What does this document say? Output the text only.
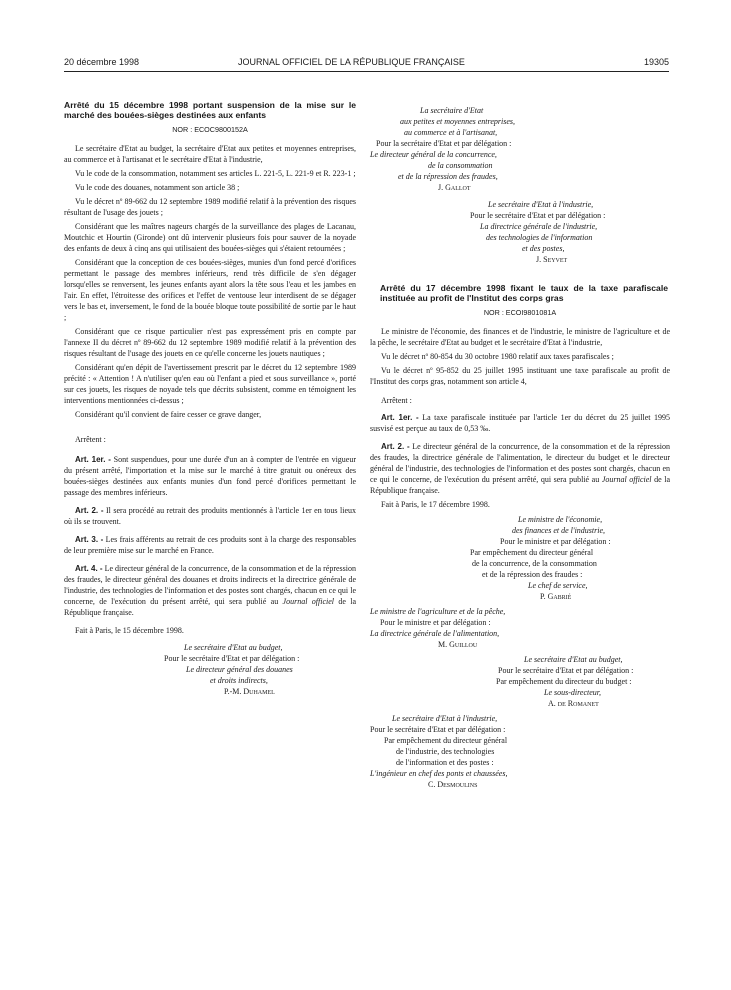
20 décembre 1998	JOURNAL OFFICIEL DE LA RÉPUBLIQUE FRANÇAISE	19305

Arrêté du 15 décembre 1998 portant suspension de la mise sur le marché des bouées-sièges destinées aux enfants

NOR : ECOC9800152A

Le secrétaire d'Etat au budget, la secrétaire d'Etat aux petites et moyennes entreprises, au commerce et à l'artisanat et le secrétaire d'Etat à l'industrie,

Vu le code de la consommation, notamment ses articles L. 221-5, L. 221-9 et R. 223-1 ;

Vu le code des douanes, notamment son article 38 ;

Vu le décret nº 89-662 du 12 septembre 1989 modifié relatif à la prévention des risques résultant de l'usage des jouets ;

Considérant que les maîtres nageurs chargés de la surveillance des plages de Lacanau, Moutchic et Hourtin (Gironde) ont dû intervenir plusieurs fois pour sauver de la noyade des enfants de deux à cinq ans qui utilisaient des bouées-sièges qui s'étaient retournées ;

Considérant que la conception de ces bouées-sièges, munies d'un fond percé d'orifices permettant le passage des membres inférieurs, rend très difficile de s'en dégager lorsqu'elles se renversent, les jeunes enfants ayant alors la tête sous l'eau et les jambes en l'air. En effet, l'étroitesse des orifices et l'effet de ventouse leur interdisent de se dégager vers le bas et, inversement, le fond de la bouée bloque toute possibilité de sortie par le haut ;

Considérant que ce risque particulier n'est pas expressément pris en compte par l'annexe II du décret nº 89-662 du 12 septembre 1989 modifié relatif à la prévention des risques résultant de l'usage des jouets en ce qu'elle concerne les jouets nautiques ;

Considérant qu'en dépit de l'avertissement prescrit par le décret du 12 septembre 1989 précité : « Attention ! A n'utiliser qu'en eau où l'enfant a pied et sous surveillance », porté sur ces jouets, les risques de noyade tels que décrits subsistent, comme en témoignent les interventions mentionnées ci-dessus ;

Considérant qu'il convient de faire cesser ce grave danger,

Arrêtent :

Art. 1er. - Sont suspendues, pour une durée d'un an à compter de l'entrée en vigueur du présent arrêté, l'importation et la mise sur le marché à titre gratuit ou onéreux des bouées-sièges destinées aux enfants munies d'un fond percé d'orifices permettant le passage des membres inférieurs.

Art. 2. - Il sera procédé au retrait des produits mentionnés à l'article 1er en tous lieux où ils se trouvent.

Art. 3. - Les frais afférents au retrait de ces produits sont à la charge des responsables de leur première mise sur le marché en France.

Art. 4. - Le directeur général de la concurrence, de la consommation et de la répression des fraudes, le directeur général des douanes et droits indirects et la directrice générale de l'industrie, des technologies de l'information et des postes sont chargés, chacun en ce qui le concerne, de l'exécution du présent arrêté, qui sera publié au Journal officiel de la République française.

Fait à Paris, le 15 décembre 1998.

Le secrétaire d'Etat au budget,
Pour le secrétaire d'Etat et par délégation :
Le directeur général des douanes
et droits indirects,
P.-M. Duhamel
La secrétaire d'Etat
aux petites et moyennes entreprises,
au commerce et à l'artisanat,
Pour la secrétaire d'Etat et par délégation :
Le directeur général de la concurrence,
de la consommation
et de la répression des fraudes,
J. Gallot
Le secrétaire d'Etat à l'industrie,
Pour le secrétaire d'Etat et par délégation :
La directrice générale de l'industrie,
des technologies de l'information
et des postes,
J. Seyvet

Arrêté du 17 décembre 1998 fixant le taux de la taxe parafiscale instituée au profit de l'Institut des corps gras

NOR : ECOI9801081A

Le ministre de l'économie, des finances et de l'industrie, le ministre de l'agriculture et de la pêche, le secrétaire d'Etat au budget et le secrétaire d'Etat à l'industrie,

Vu le décret nº 80-854 du 30 octobre 1980 relatif aux taxes parafiscales ;

Vu le décret nº 95-852 du 25 juillet 1995 instituant une taxe parafiscale au profit de l'Institut des corps gras, notamment son article 4,

Arrêtent :

Art. 1er. - La taxe parafiscale instituée par l'article 1er du décret du 25 juillet 1995 susvisé est perçue au taux de 0,53 ‰.

Art. 2. - Le directeur général de la concurrence, de la consommation et de la répression des fraudes, la directrice générale de l'alimentation, le directeur du budget et le directeur général de l'industrie, des technologies de l'information et des postes sont chargés, chacun en ce qui le concerne, de l'exécution du présent arrêté, qui sera publié au Journal officiel de la République française.

Fait à Paris, le 17 décembre 1998.

Le ministre de l'économie,
des finances et de l'industrie,
Pour le ministre et par délégation :
Par empêchement du directeur général
de la concurrence, de la consommation
et de la répression des fraudes :
Le chef de service,
P. Gabrié
Le ministre de l'agriculture et de la pêche,
Pour le ministre et par délégation :
La directrice générale de l'alimentation,
M. Guillou
Le secrétaire d'Etat au budget,
Pour le secrétaire d'Etat et par délégation :
Par empêchement du directeur du budget :
Le sous-directeur,
A. de Romanet
Le secrétaire d'Etat à l'industrie,
Pour le secrétaire d'Etat et par délégation :
Par empêchement du directeur général
de l'industrie, des technologies
de l'information et des postes :
L'ingénieur en chef des ponts et chaussées,
C. Desmoulins
